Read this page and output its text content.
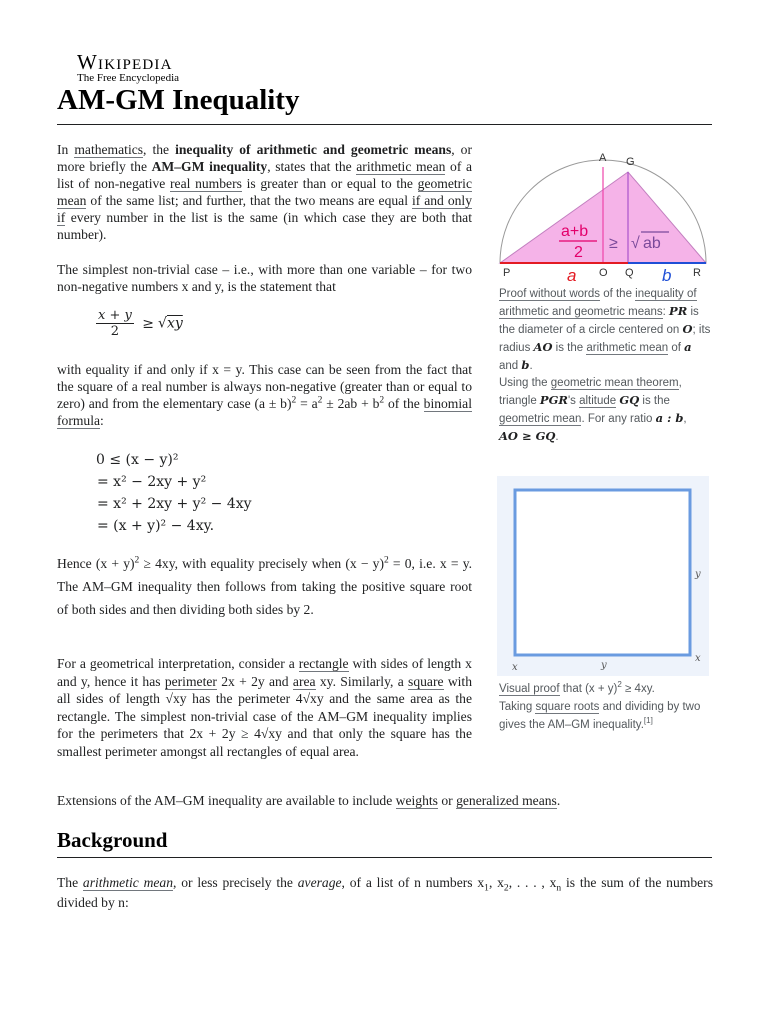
Wikipedia
The Free Encyclopedia
AM-GM Inequality

In mathematics, the inequality of arithmetic and geometric means, or more briefly the AM–GM inequality, states that the arithmetic mean of a list of non-negative real numbers is greater than or equal to the geometric mean of the same list; and further, that the two means are equal if and only if every number in the list is the same (in which case they are both that number).

The simplest non-trivial case – i.e., with more than one variable – for two non-negative numbers x and y, is the statement that

$\frac{x + y}{2} \ge √xy$

with equality if and only if x = y. This case can be seen from the fact that the square of a real number is always non-negative (greater than or equal to zero) and from the elementary case $(a \pm b)^2 = a^2 \pm 2ab + b^2$ of the binomial formula:

0 ≤ (x − y)²
= x² − 2xy + y²
= x² + 2xy + y² − 4xy
= (x + y)² − 4xy.

Hence $(x + y)^2 \ge 4xy$, with equality precisely when $(x - y)^2 = 0$, i.e. x = y. The AM–GM inequality then follows from taking the positive square root of both sides and then dividing both sides by 2.

For a geometrical interpretation, consider a rectangle with sides of length x and y, hence it has perimeter 2x + 2y and area xy. Similarly, a square with all sides of length √xy has the perimeter 4√xy and the same area as the rectangle. The simplest non-trivial case of the AM–GM inequality implies for the perimeters that 2x + 2y ≥ 4√xy and that only the square has the smallest perimeter amongst all rectangles of equal area.

Extensions of the AM–GM inequality are available to include weights or generalized means.

A G
P	O Q	R
a	b
a+b
2
≥ √ ab
Proof without words of the inequality of arithmetic and geometric means: PR is the diameter of a circle centered on O; its radius AO is the arithmetic mean of a and b.
Using the geometric mean theorem, triangle PGR's altitude GQ is the geometric mean. For any ratio a : b,
AO ≥ GQ.
y
x
x	y
Visual proof that $(x + y)^2 \ge 4xy$.
Taking square roots and dividing by two gives the AM–GM inequality.[1]
Background

The arithmetic mean, or less precisely the average, of a list of n numbers $x_1$, $x_2$, . . . , $x_n$ is the sum of the numbers divided by n:
